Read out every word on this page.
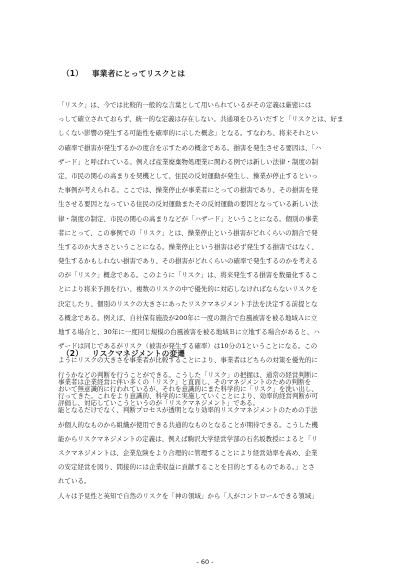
（1） 事業者にとってリスクとは
「リスク」は、今では比較的一般的な言葉として用いられているがその定義は厳密には
っして確立されておらず、統一的な定義は存在しない。共通項をひろいだすと「リスクとは、好ま
しくない影響の発生する可能性を確率的に示した概念」となる。すなわち、将来それとい
の確率で損害が発生するかの度合を示すための概念である。損害を発生させる要因は、「ハ
ザード」と呼ばれている。例えば産業廃棄物処理業に関わる例では新しい法律・制度の制
定、市民の関心の高まりを契機として、住民の反対運動が発生し、操業が停止するといっ
た事例が考えられる。ここでは、操業停止が事業者にとっての損害であり、その損害を発
生させる要因となっている住民の反対運動またその反対運動の要因となっている新しい法
律・制度の制定、市民の関心の高まりなどが「ハザード」ということになる。個別の事業
者にとって、この事例での「リスク」とは、操業停止という損害がどれくらいの割合で発
生するのか大きさということになる。操業停止という損害は必ず発生する損害ではなく、
発生するかもしれない損害であり、その損害がどれくらいの確率で発生するのかを考える
のが「リスク」概念である。このように「リスク」は、将来発生する損害を数量化するこ
とにより将来予測を行い、複数のリスクの中で優先的に対応しなければならないリスクを
決定したり、個別のリスクの大きさにあったリスクマネジメント手法を決定する前提とな
る概念である。例えば、自社保有施設が200年に一度の割合で台風被害を被る地域Ａに立
地する場合と、30年に一度同じ規模の台風被害を被る地域Ｂに立地する場合があると、ハ
ザードは同じであるがリスク（被害が発生する確率）は10分の1ということになる。この
ようにリスクの大きさを事業者が比較することにより、事業者はどちらの対策を優先的に
行うかなどの判断を行うことができる。こうした「リスク」の把握は、通常の経営判断に
おいて無意識的に行われているが、それを意識的にまた科学的に「リスク」を洗い出し、
評価し、対応していこうというのが「リスクマネジメント」である。
（2） リスクマネジメントの変遷
事業者は企業経営に伴い多くの「リスク」と直面し、そのマネジメントのための判断を
行ってきた。これをより意識的、科学的に実施していくことにより、効率的経営判断が可
能となるだけでなく、判断プロセスが透明となり効率的リスクマネジメントのための手法
が個人的なものから組織が使用できる共通的なものとなることが期待できる。こうした機
能からリスクマネジメントの定義は、例えば駒沢大学経営学部の石名坂教授によると「リ
スクマネジメントは、企業危険をより合理的に管理することにより経営効率を高め、企業
の安定経営を図り、間接的には企業収益に貢献することを目的とするものである。」とさ
れている。
人々は予見性と英知で自然のリスクを「神の領域」から「人がコントロールできる領域」
- 60 -
